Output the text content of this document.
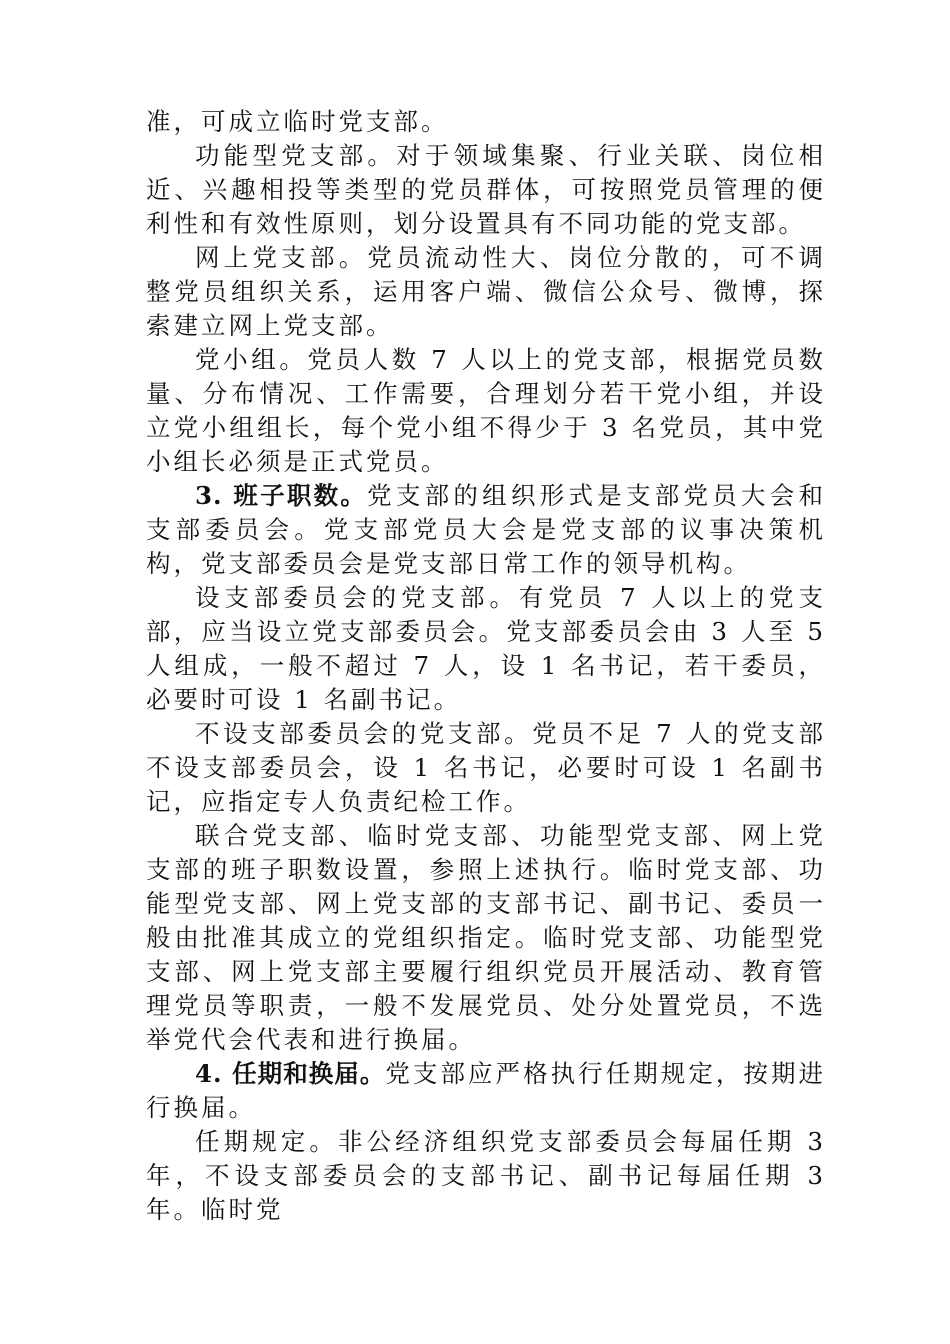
准，可成立临时党支部。

功能型党支部。对于领域集聚、行业关联、岗位相近、兴趣相投等类型的党员群体，可按照党员管理的便利性和有效性原则，划分设置具有不同功能的党支部。

网上党支部。党员流动性大、岗位分散的，可不调整党员组织关系，运用客户端、微信公众号、微博，探索建立网上党支部。

党小组。党员人数 7 人以上的党支部，根据党员数量、分布情况、工作需要，合理划分若干党小组，并设立党小组组长，每个党小组不得少于 3 名党员，其中党小组长必须是正式党员。

3. 班子职数。党支部的组织形式是支部党员大会和支部委员会。党支部党员大会是党支部的议事决策机构，党支部委员会是党支部日常工作的领导机构。

设支部委员会的党支部。有党员 7 人以上的党支部，应当设立党支部委员会。党支部委员会由 3 人至 5 人组成，一般不超过 7 人，设 1 名书记，若干委员，必要时可设 1 名副书记。

不设支部委员会的党支部。党员不足 7 人的党支部不设支部委员会，设 1 名书记，必要时可设 1 名副书记，应指定专人负责纪检工作。

联合党支部、临时党支部、功能型党支部、网上党支部的班子职数设置，参照上述执行。临时党支部、功能型党支部、网上党支部的支部书记、副书记、委员一般由批准其成立的党组织指定。临时党支部、功能型党支部、网上党支部主要履行组织党员开展活动、教育管理党员等职责，一般不发展党员、处分处置党员，不选举党代会代表和进行换届。

4. 任期和换届。党支部应严格执行任期规定，按期进行换届。

任期规定。非公经济组织党支部委员会每届任期 3 年，不设支部委员会的支部书记、副书记每届任期 3 年。临时党
